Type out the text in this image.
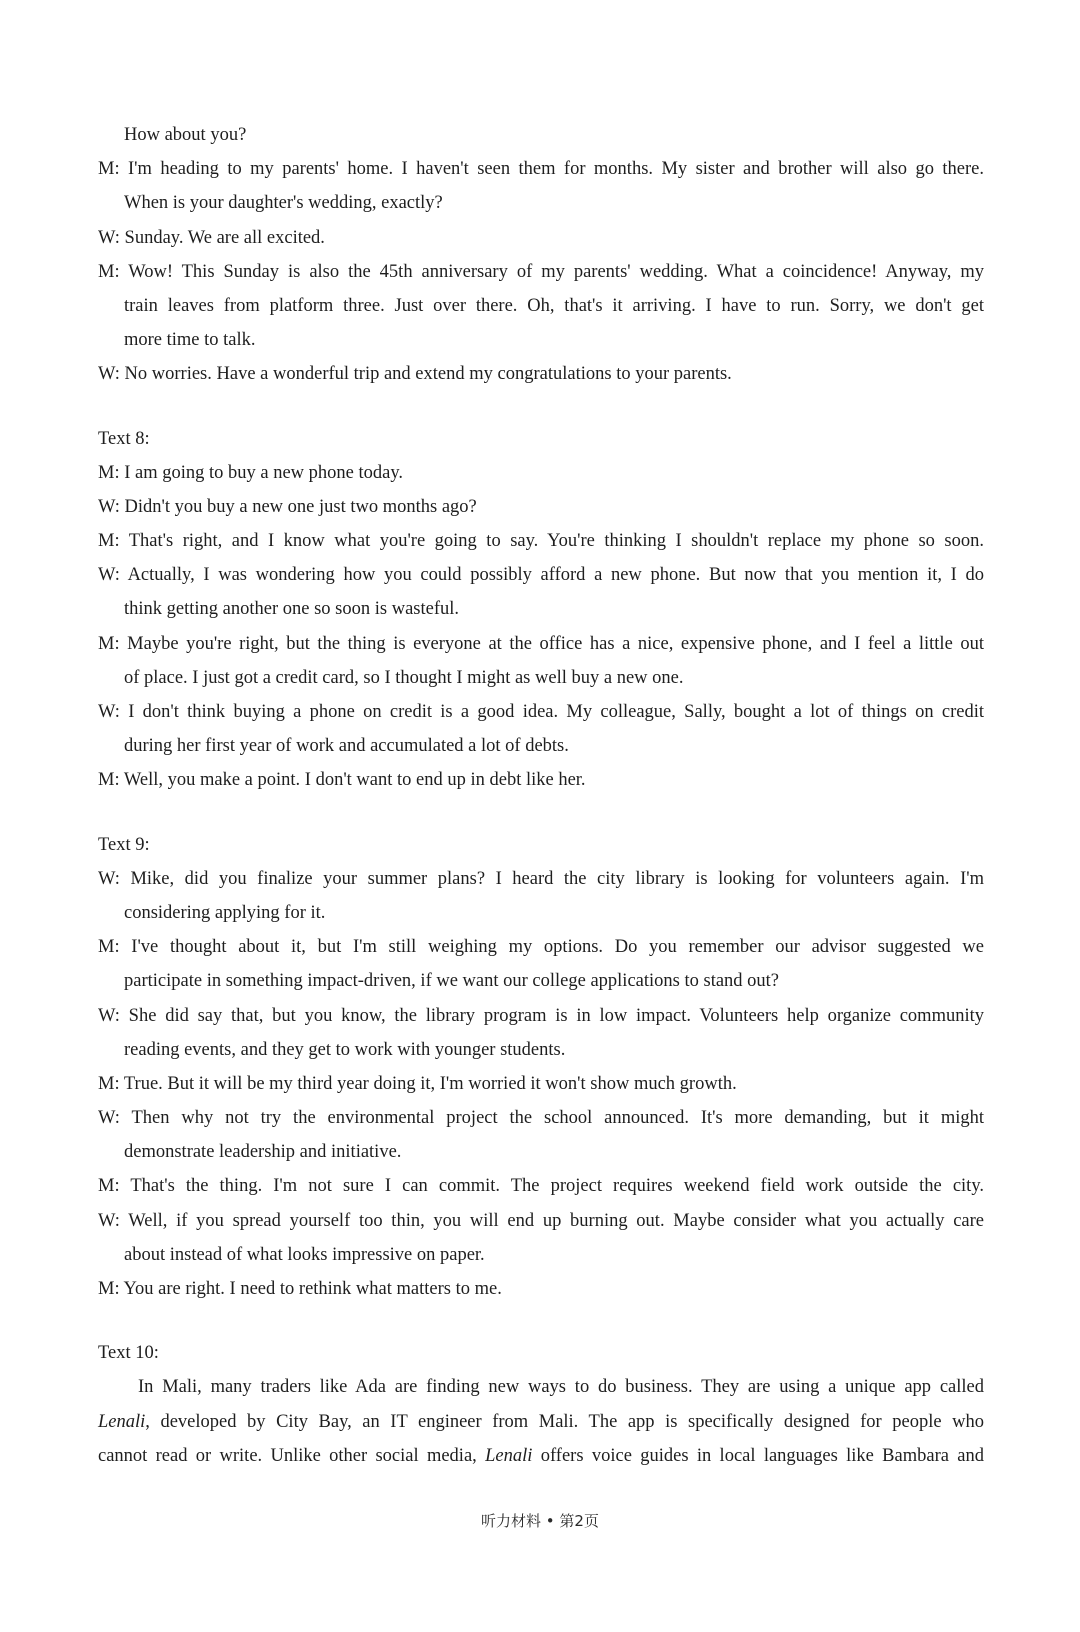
How about you?
M: I'm heading to my parents' home. I haven't seen them for months. My sister and brother will also go there.
When is your daughter's wedding, exactly?
W: Sunday. We are all excited.
M: Wow! This Sunday is also the 45th anniversary of my parents' wedding. What a coincidence! Anyway, my
train leaves from platform three. Just over there. Oh, that's it arriving. I have to run. Sorry, we don't get
more time to talk.
W: No worries. Have a wonderful trip and extend my congratulations to your parents.
Text 8:
M: I am going to buy a new phone today.
W: Didn't you buy a new one just two months ago?
M: That's right, and I know what you're going to say. You're thinking I shouldn't replace my phone so soon.
W: Actually, I was wondering how you could possibly afford a new phone. But now that you mention it, I do
think getting another one so soon is wasteful.
M: Maybe you're right, but the thing is everyone at the office has a nice, expensive phone, and I feel a little out
of place. I just got a credit card, so I thought I might as well buy a new one.
W: I don't think buying a phone on credit is a good idea. My colleague, Sally, bought a lot of things on credit
during her first year of work and accumulated a lot of debts.
M: Well, you make a point. I don't want to end up in debt like her.
Text 9:
W: Mike, did you finalize your summer plans? I heard the city library is looking for volunteers again. I'm
considering applying for it.
M: I've thought about it, but I'm still weighing my options. Do you remember our advisor suggested we
participate in something impact-driven, if we want our college applications to stand out?
W: She did say that, but you know, the library program is in low impact. Volunteers help organize community
reading events, and they get to work with younger students.
M: True. But it will be my third year doing it, I'm worried it won't show much growth.
W: Then why not try the environmental project the school announced. It's more demanding, but it might
demonstrate leadership and initiative.
M: That's the thing. I'm not sure I can commit. The project requires weekend field work outside the city.
W: Well, if you spread yourself too thin, you will end up burning out. Maybe consider what you actually care
about instead of what looks impressive on paper.
M: You are right. I need to rethink what matters to me.
Text 10:
In Mali, many traders like Ada are finding new ways to do business. They are using a unique app called
Lenali, developed by City Bay, an IT engineer from Mali. The app is specifically designed for people who
cannot read or write. Unlike other social media, Lenali offers voice guides in local languages like Bambara and
听力材料 • 第2页
